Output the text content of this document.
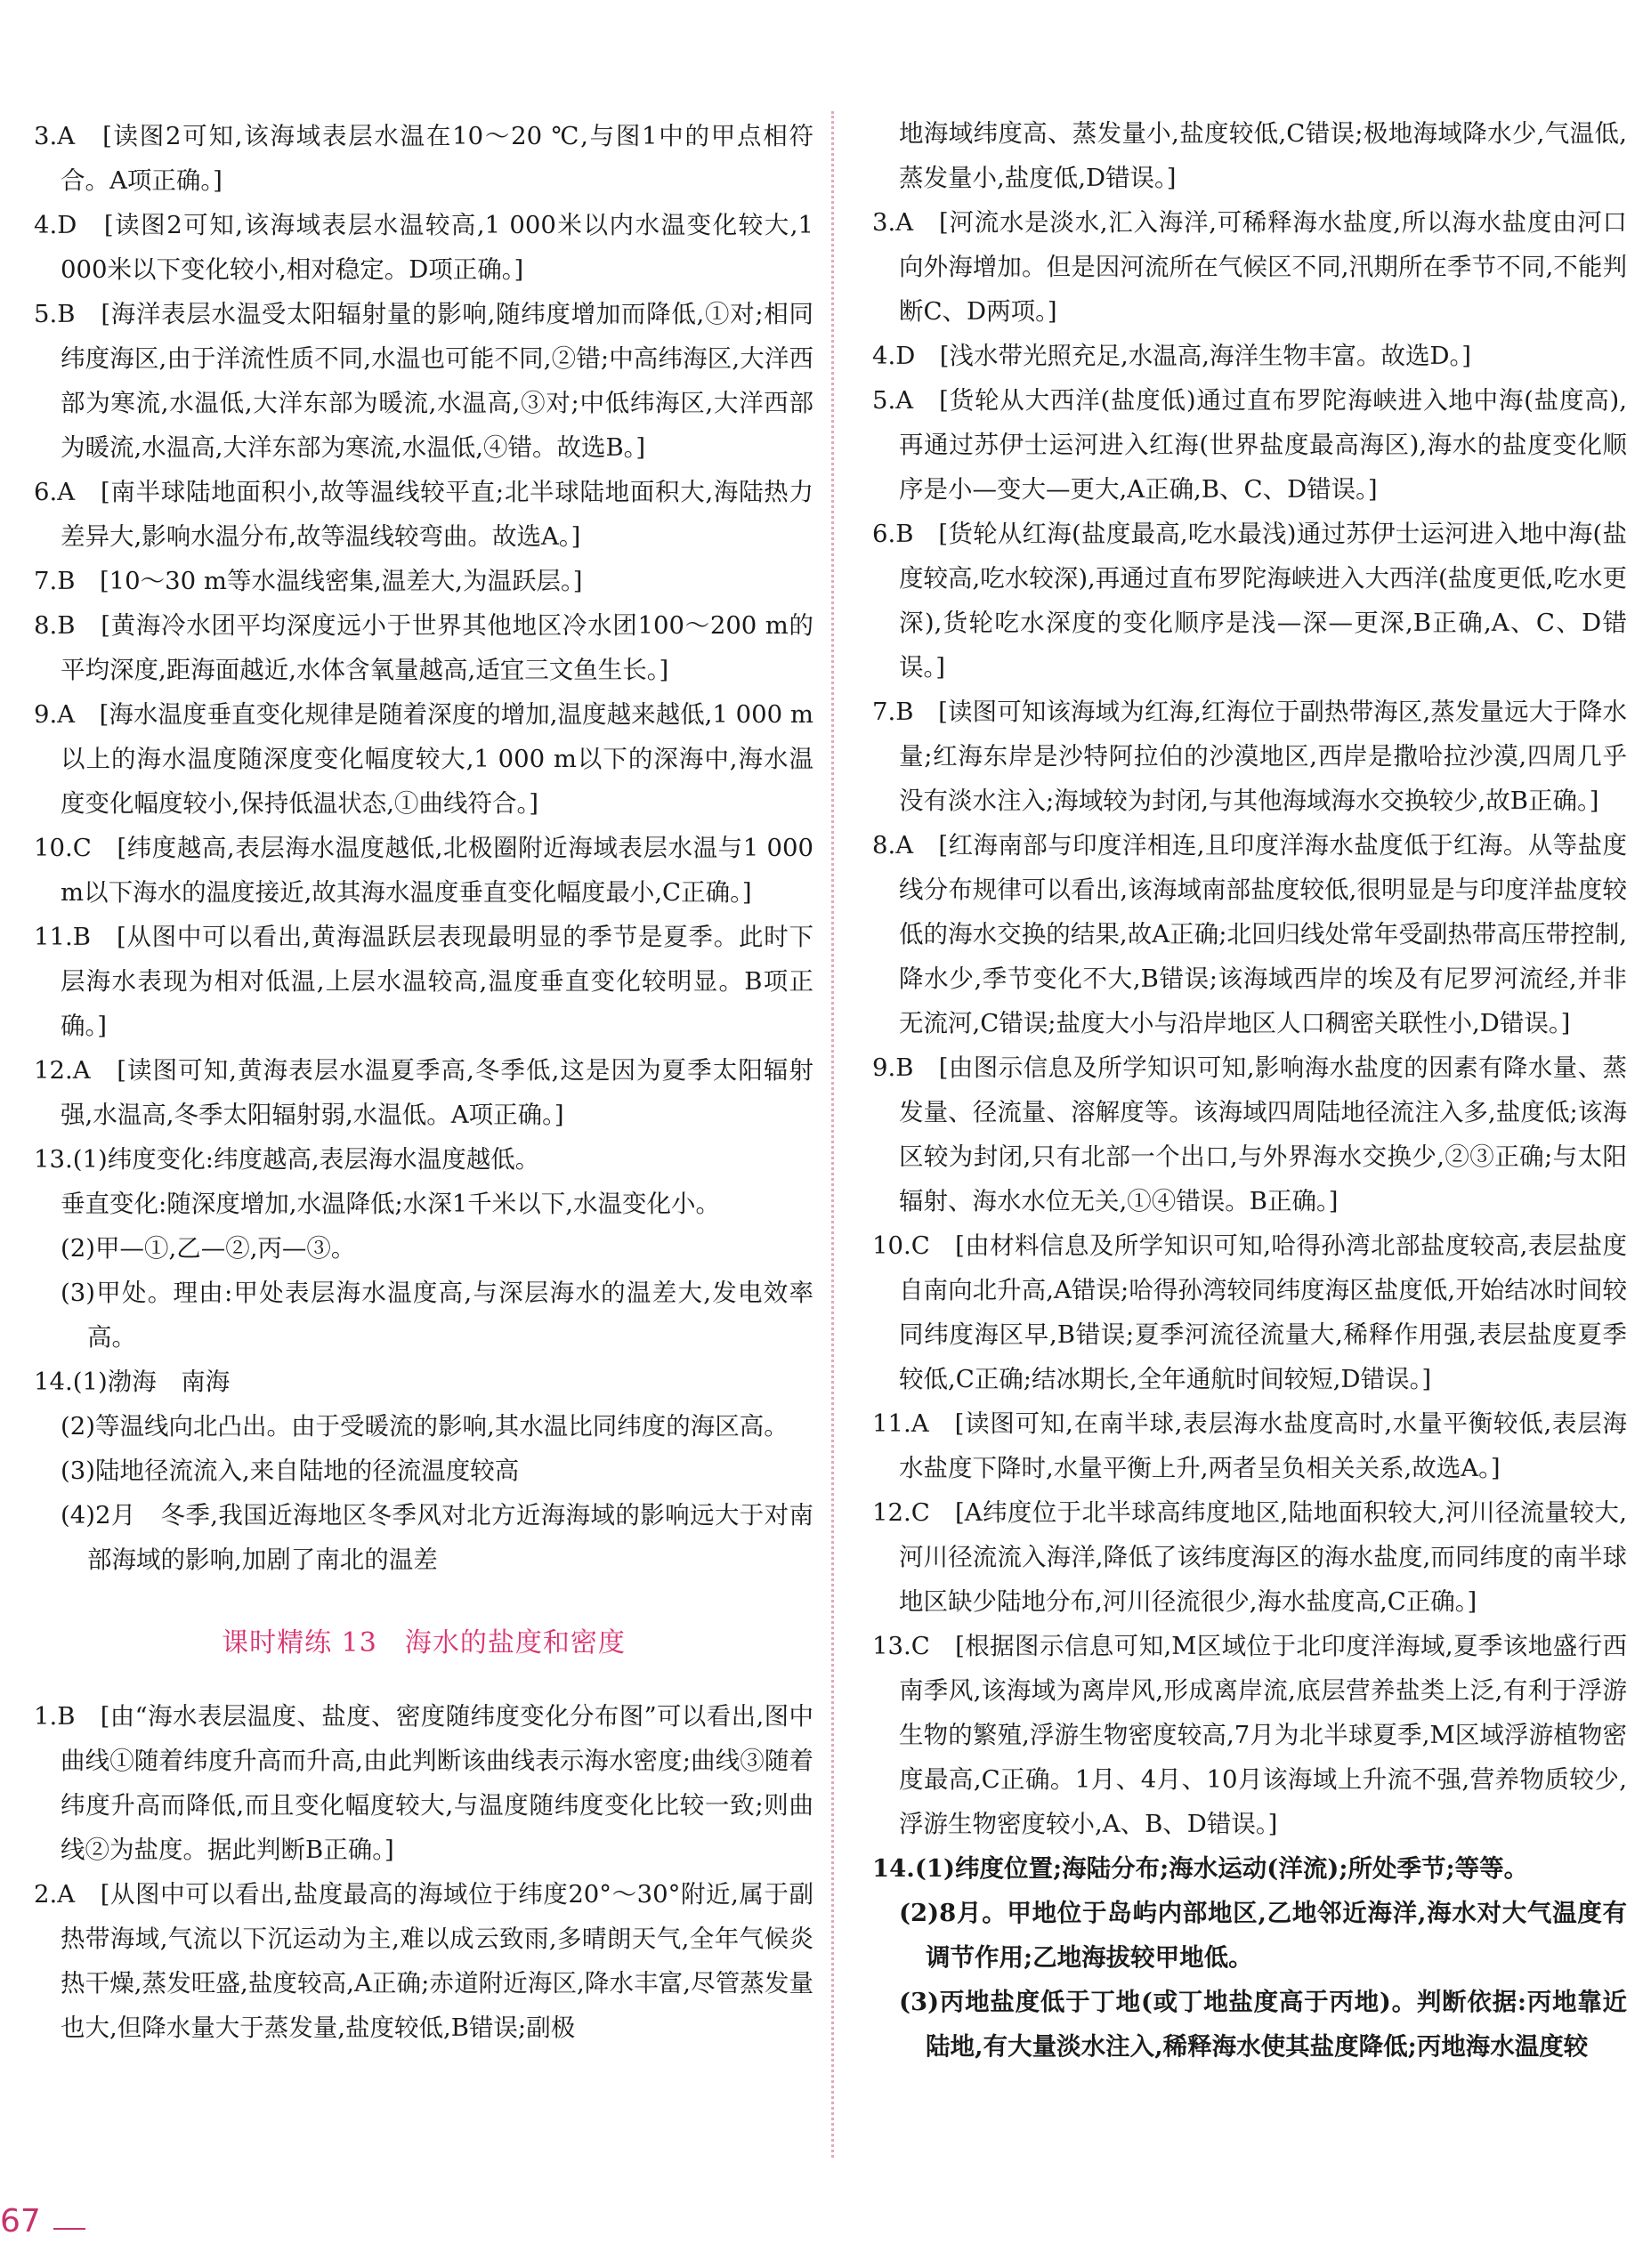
3.A　[读图2可知,该海域表层水温在10～20 ℃,与图1中的甲点相符合。A项正确。]

4.D　[读图2可知,该海域表层水温较高,1 000米以内水温变化较大,1 000米以下变化较小,相对稳定。D项正确。]

5.B　[海洋表层水温受太阳辐射量的影响,随纬度增加而降低,①对;相同纬度海区,由于洋流性质不同,水温也可能不同,②错;中高纬海区,大洋西部为寒流,水温低,大洋东部为暖流,水温高,③对;中低纬海区,大洋西部为暖流,水温高,大洋东部为寒流,水温低,④错。故选B。]

6.A　[南半球陆地面积小,故等温线较平直;北半球陆地面积大,海陆热力差异大,影响水温分布,故等温线较弯曲。故选A。]

7.B　[10～30 m等水温线密集,温差大,为温跃层。]

8.B　[黄海冷水团平均深度远小于世界其他地区冷水团100～200 m的平均深度,距海面越近,水体含氧量越高,适宜三文鱼生长。]

9.A　[海水温度垂直变化规律是随着深度的增加,温度越来越低,1 000 m以上的海水温度随深度变化幅度较大,1 000 m以下的深海中,海水温度变化幅度较小,保持低温状态,①曲线符合。]

10.C　[纬度越高,表层海水温度越低,北极圈附近海域表层水温与1 000 m以下海水的温度接近,故其海水温度垂直变化幅度最小,C正确。]

11.B　[从图中可以看出,黄海温跃层表现最明显的季节是夏季。此时下层海水表现为相对低温,上层水温较高,温度垂直变化较明显。B项正确。]

12.A　[读图可知,黄海表层水温夏季高,冬季低,这是因为夏季太阳辐射强,水温高,冬季太阳辐射弱,水温低。A项正确。]

13.(1)纬度变化:纬度越高,表层海水温度越低。

垂直变化:随深度增加,水温降低;水深1千米以下,水温变化小。

(2)甲—①,乙—②,丙—③。

(3)甲处。理由:甲处表层海水温度高,与深层海水的温差大,发电效率高。

14.(1)渤海　南海

(2)等温线向北凸出。由于受暖流的影响,其水温比同纬度的海区高。

(3)陆地径流流入,来自陆地的径流温度较高

(4)2月　冬季,我国近海地区冬季风对北方近海海域的影响远大于对南部海域的影响,加剧了南北的温差

课时精练 13　海水的盐度和密度

1.B　[由“海水表层温度、盐度、密度随纬度变化分布图”可以看出,图中曲线①随着纬度升高而升高,由此判断该曲线表示海水密度;曲线③随着纬度升高而降低,而且变化幅度较大,与温度随纬度变化比较一致;则曲线②为盐度。据此判断B正确。]

2.A　[从图中可以看出,盐度最高的海域位于纬度20°～30°附近,属于副热带海域,气流以下沉运动为主,难以成云致雨,多晴朗天气,全年气候炎热干燥,蒸发旺盛,盐度较高,A正确;赤道附近海区,降水丰富,尽管蒸发量也大,但降水量大于蒸发量,盐度较低,B错误;副极

地海域纬度高、蒸发量小,盐度较低,C错误;极地海域降水少,气温低,蒸发量小,盐度低,D错误。]

3.A　[河流水是淡水,汇入海洋,可稀释海水盐度,所以海水盐度由河口向外海增加。但是因河流所在气候区不同,汛期所在季节不同,不能判断C、D两项。]

4.D　[浅水带光照充足,水温高,海洋生物丰富。故选D。]

5.A　[货轮从大西洋(盐度低)通过直布罗陀海峡进入地中海(盐度高),再通过苏伊士运河进入红海(世界盐度最高海区),海水的盐度变化顺序是小—变大—更大,A正确,B、C、D错误。]

6.B　[货轮从红海(盐度最高,吃水最浅)通过苏伊士运河进入地中海(盐度较高,吃水较深),再通过直布罗陀海峡进入大西洋(盐度更低,吃水更深),货轮吃水深度的变化顺序是浅—深—更深,B正确,A、C、D错误。]

7.B　[读图可知该海域为红海,红海位于副热带海区,蒸发量远大于降水量;红海东岸是沙特阿拉伯的沙漠地区,西岸是撒哈拉沙漠,四周几乎没有淡水注入;海域较为封闭,与其他海域海水交换较少,故B正确。]

8.A　[红海南部与印度洋相连,且印度洋海水盐度低于红海。从等盐度线分布规律可以看出,该海域南部盐度较低,很明显是与印度洋盐度较低的海水交换的结果,故A正确;北回归线处常年受副热带高压带控制,降水少,季节变化不大,B错误;该海域西岸的埃及有尼罗河流经,并非无流河,C错误;盐度大小与沿岸地区人口稠密关联性小,D错误。]

9.B　[由图示信息及所学知识可知,影响海水盐度的因素有降水量、蒸发量、径流量、溶解度等。该海域四周陆地径流注入多,盐度低;该海区较为封闭,只有北部一个出口,与外界海水交换少,②③正确;与太阳辐射、海水水位无关,①④错误。B正确。]

10.C　[由材料信息及所学知识可知,哈得孙湾北部盐度较高,表层盐度自南向北升高,A错误;哈得孙湾较同纬度海区盐度低,开始结冰时间较同纬度海区早,B错误;夏季河流径流量大,稀释作用强,表层盐度夏季较低,C正确;结冰期长,全年通航时间较短,D错误。]

11.A　[读图可知,在南半球,表层海水盐度高时,水量平衡较低,表层海水盐度下降时,水量平衡上升,两者呈负相关关系,故选A。]

12.C　[A纬度位于北半球高纬度地区,陆地面积较大,河川径流量较大,河川径流流入海洋,降低了该纬度海区的海水盐度,而同纬度的南半球地区缺少陆地分布,河川径流很少,海水盐度高,C正确。]

13.C　[根据图示信息可知,M区域位于北印度洋海域,夏季该地盛行西南季风,该海域为离岸风,形成离岸流,底层营养盐类上泛,有利于浮游生物的繁殖,浮游生物密度较高,7月为北半球夏季,M区域浮游植物密度最高,C正确。1月、4月、10月该海域上升流不强,营养物质较少,浮游生物密度较小,A、B、D错误。]

14.(1)纬度位置;海陆分布;海水运动(洋流);所处季节;等等。

(2)8月。甲地位于岛屿内部地区,乙地邻近海洋,海水对大气温度有调节作用;乙地海拔较甲地低。

(3)丙地盐度低于丁地(或丁地盐度高于丙地)。判断依据:丙地靠近陆地,有大量淡水注入,稀释海水使其盐度降低;丙地海水温度较

67
